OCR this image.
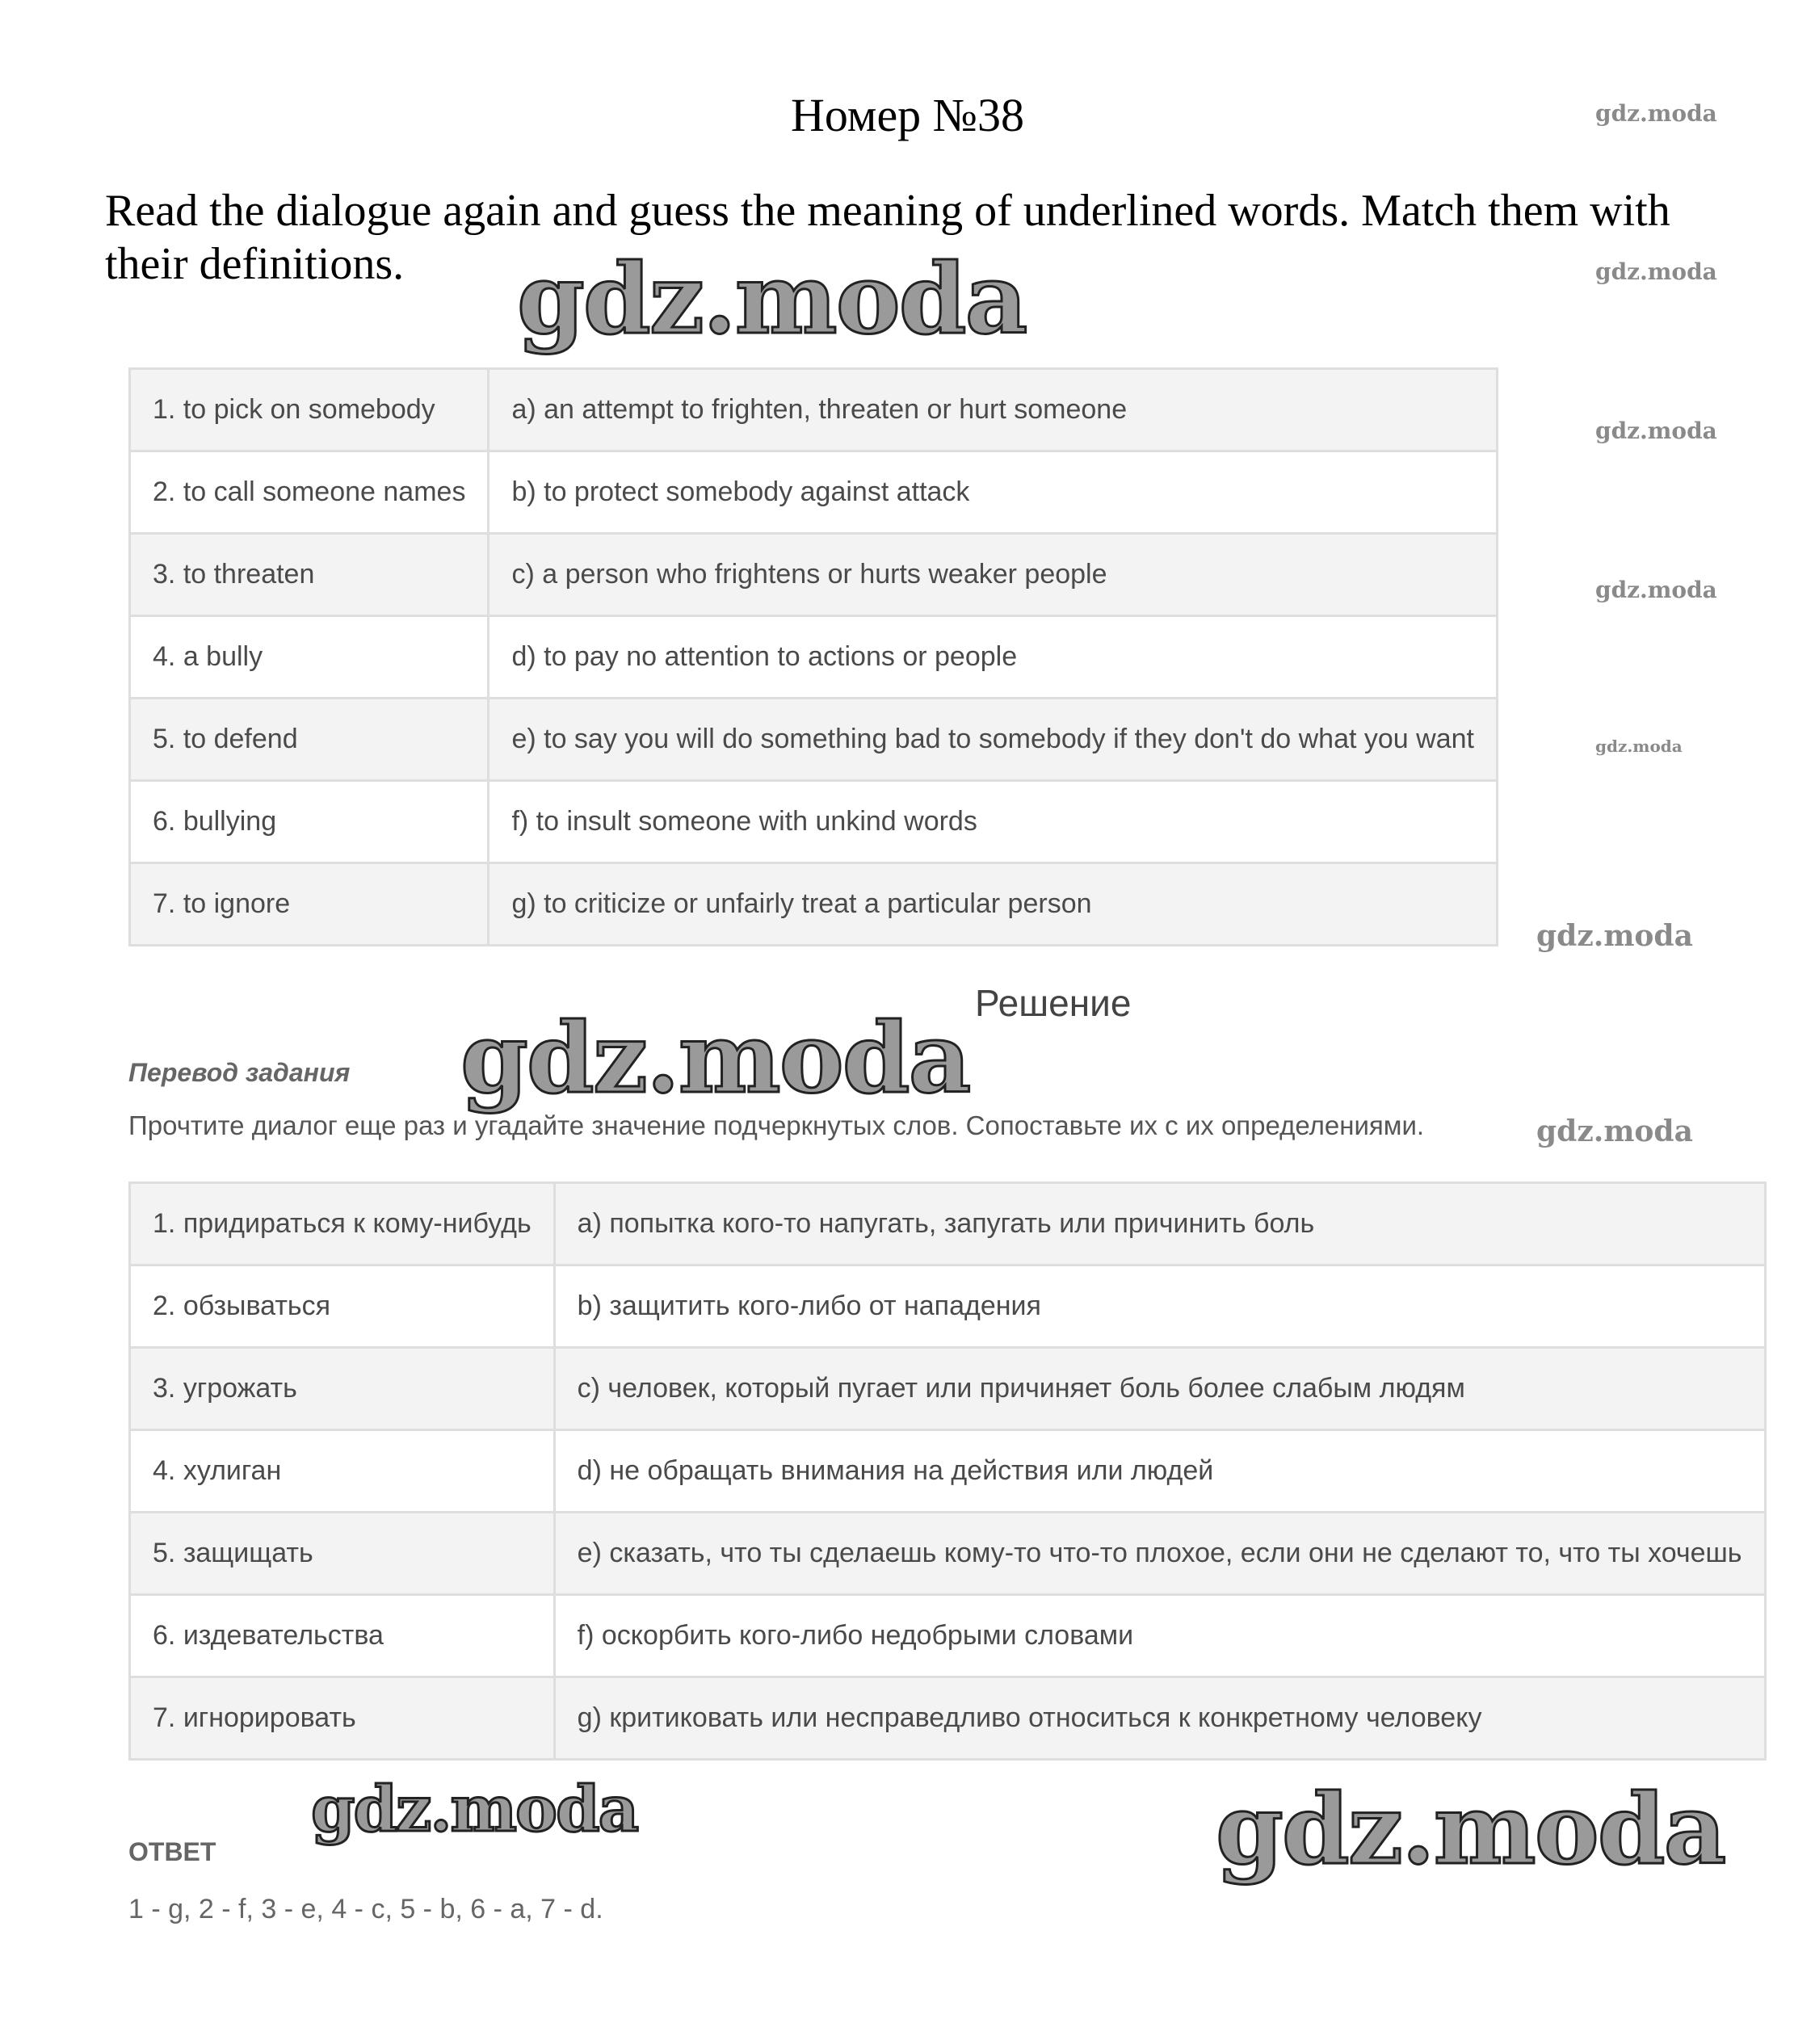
Номер №38
Read the dialogue again and guess the meaning of underlined words. Match them with their definitions.
1. to pick on somebody	a) an attempt to frighten, threaten or hurt someone
2. to call someone names	b) to protect somebody against attack
3. to threaten	c) a person who frightens or hurts weaker people
4. a bully	d) to pay no attention to actions or people
5. to defend	e) to say you will do something bad to somebody if they don't do what you want
6. bullying	f) to insult someone with unkind words
7. to ignore	g) to criticize or unfairly treat a particular person
Решение
Перевод задания
Прочтите диалог еще раз и угадайте значение подчеркнутых слов. Сопоставьте их с их определениями.
1. придираться к кому-нибудь	a) попытка кого-то напугать, запугать или причинить боль
2. обзываться	b) защитить кого-либо от нападения
3. угрожать	c) человек, который пугает или причиняет боль более слабым людям
4. хулиган	d) не обращать внимания на действия или людей
5. защищать	e) сказать, что ты сделаешь кому-то что-то плохое, если они не сделают то, что ты хочешь
6. издевательства	f) оскорбить кого-либо недобрыми словами
7. игнорировать	g) критиковать или несправедливо относиться к конкретному человеку
ОТВЕТ
1 - g, 2 - f, 3 - e, 4 - c, 5 - b, 6 - a, 7 - d.
gdz.moda
gdz.moda
gdz.moda	gdz.moda
gdz.moda
gdz.moda
gdz.moda
gdz.moda
gdz.moda
gdz.moda
gdz.moda
